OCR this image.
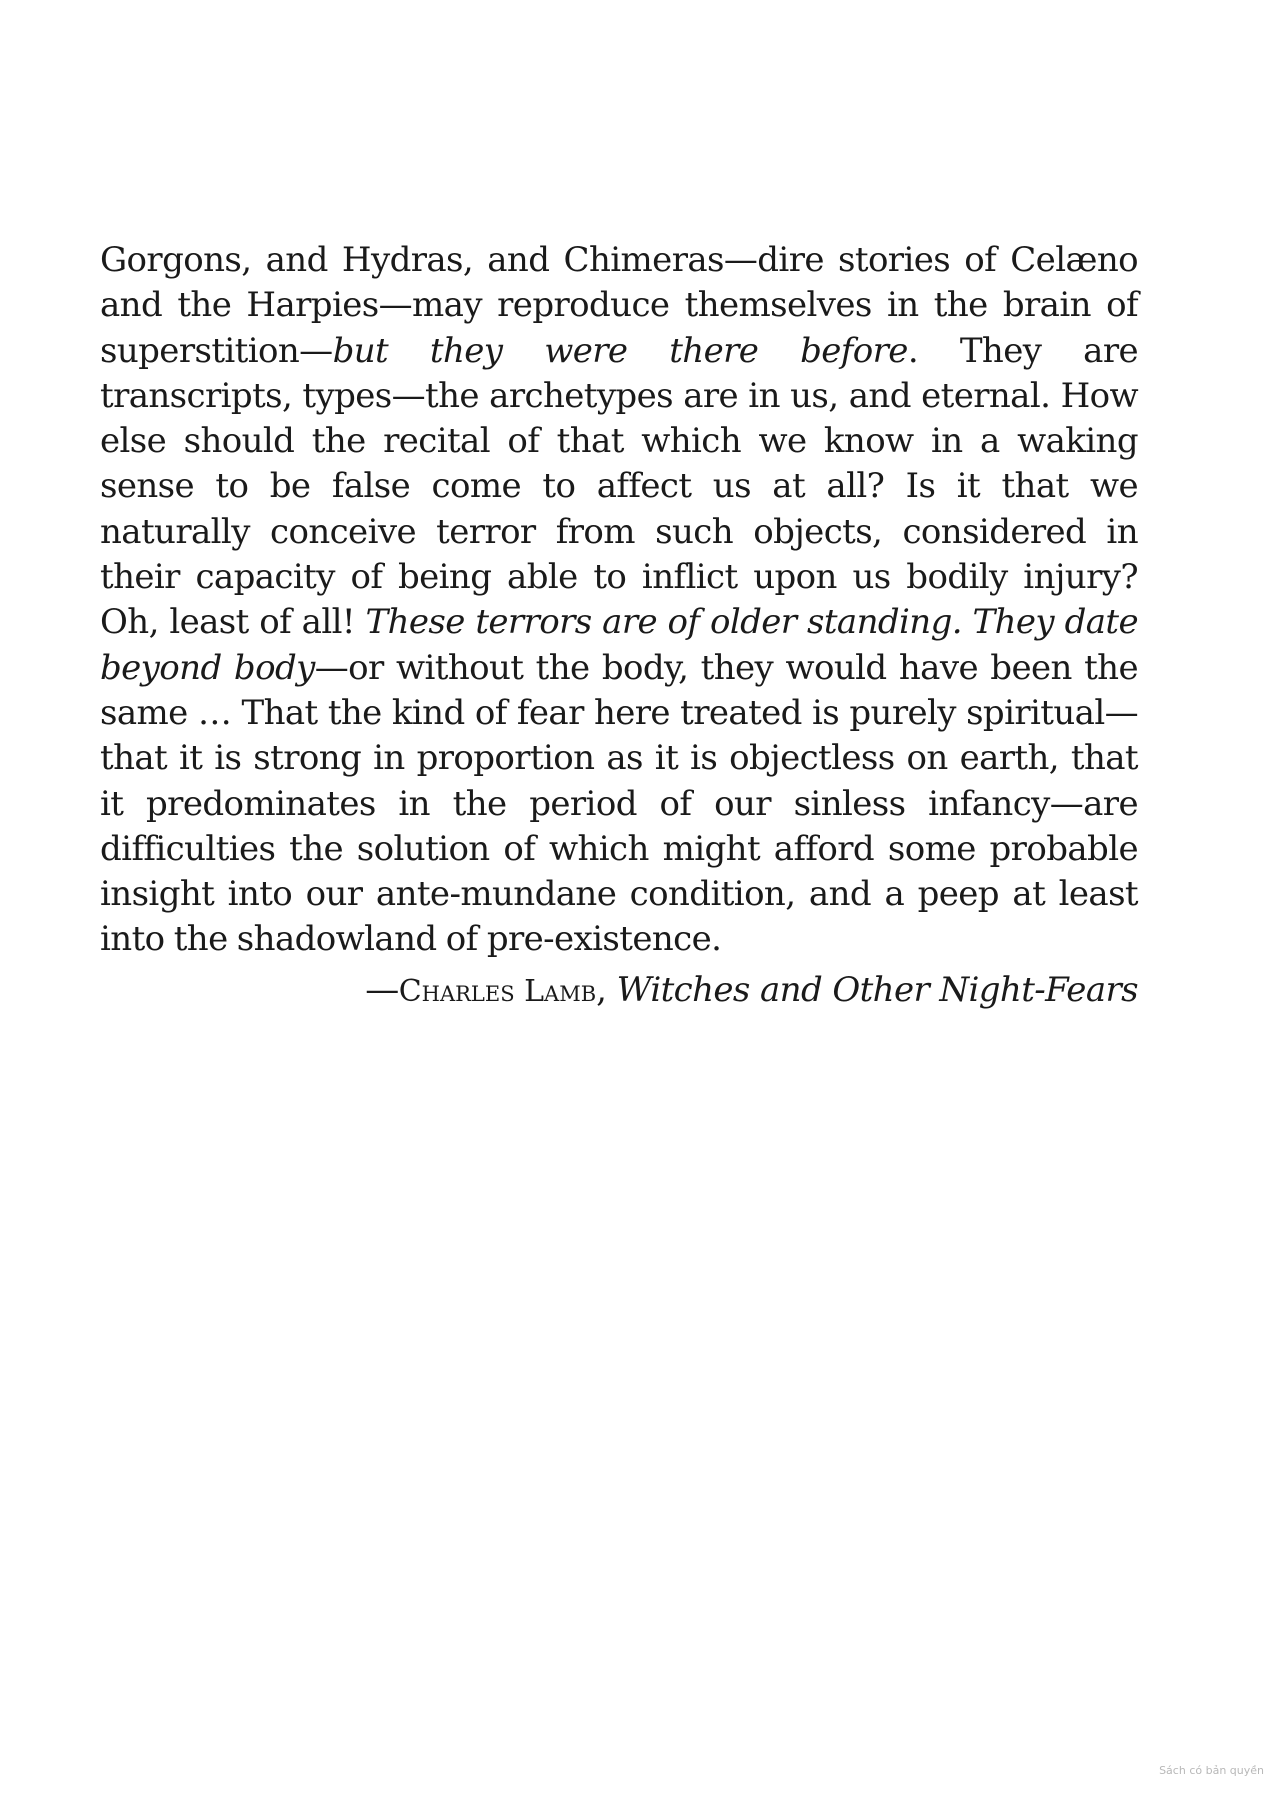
Gorgons, and Hydras, and Chimeras—dire stories of Celæno and the Harpies—may reproduce themselves in the brain of superstition—but they were there before. They are transcripts, types—the archetypes are in us, and eternal. How else should the recital of that which we know in a waking sense to be false come to affect us at all? Is it that we naturally conceive terror from such objects, considered in their capacity of being able to inflict upon us bodily injury? Oh, least of all! These terrors are of older standing. They date beyond body—or without the body, they would have been the same … That the kind of fear here treated is purely spiritual—that it is strong in proportion as it is objectless on earth, that it predominates in the period of our sinless infancy—are difficulties the solution of which might afford some probable insight into our ante-mundane condition, and a peep at least into the shadowland of pre-existence.

—Charles Lamb, Witches and Other Night-Fears

Sách có bản quyền
